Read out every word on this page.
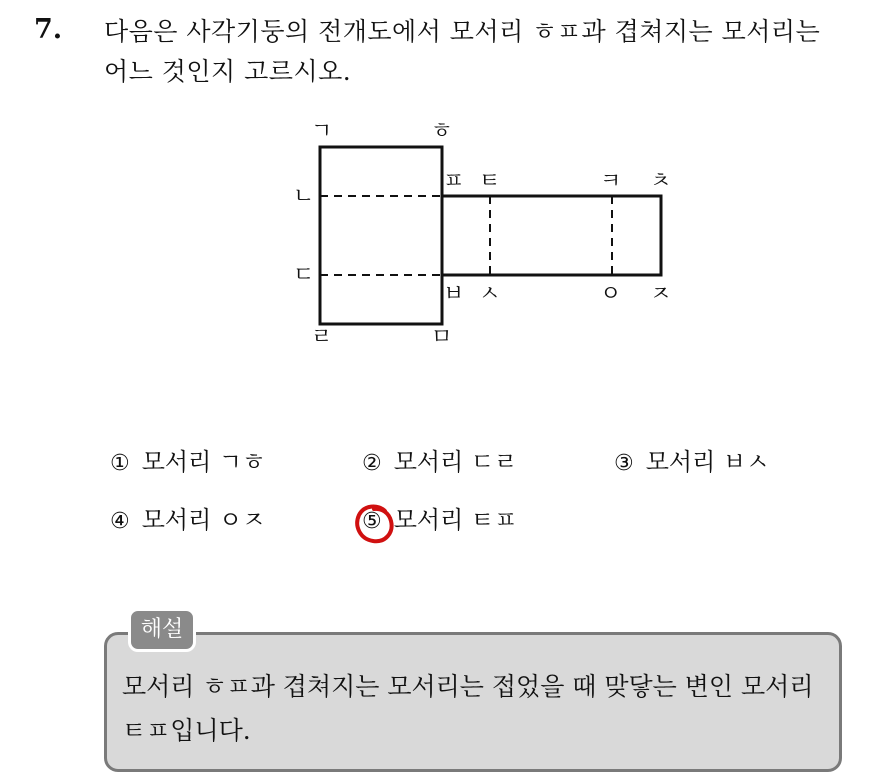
7. 다음은 사각기둥의 전개도에서 모서리 ㅎㅍ과 겹쳐지는 모서리는
어느 것인지 고르시오.
ㄱ	ㅎ
ㄴ
ㄷ
ㄹ	ㅁ
ㅍ ㅌ	ㅋ ㅊ
ㅂ ㅅ	ㅇ ㅈ
① 모서리 ㄱㅎ	② 모서리 ㄷㄹ	③ 모서리 ㅂㅅ
④ 모서리 ㅇㅈ	⑤ 모서리 ㅌㅍ
해설
모서리 ㅎㅍ과 겹쳐지는 모서리는 접었을 때 맞닿는 변인 모서리
ㅌㅍ입니다.
